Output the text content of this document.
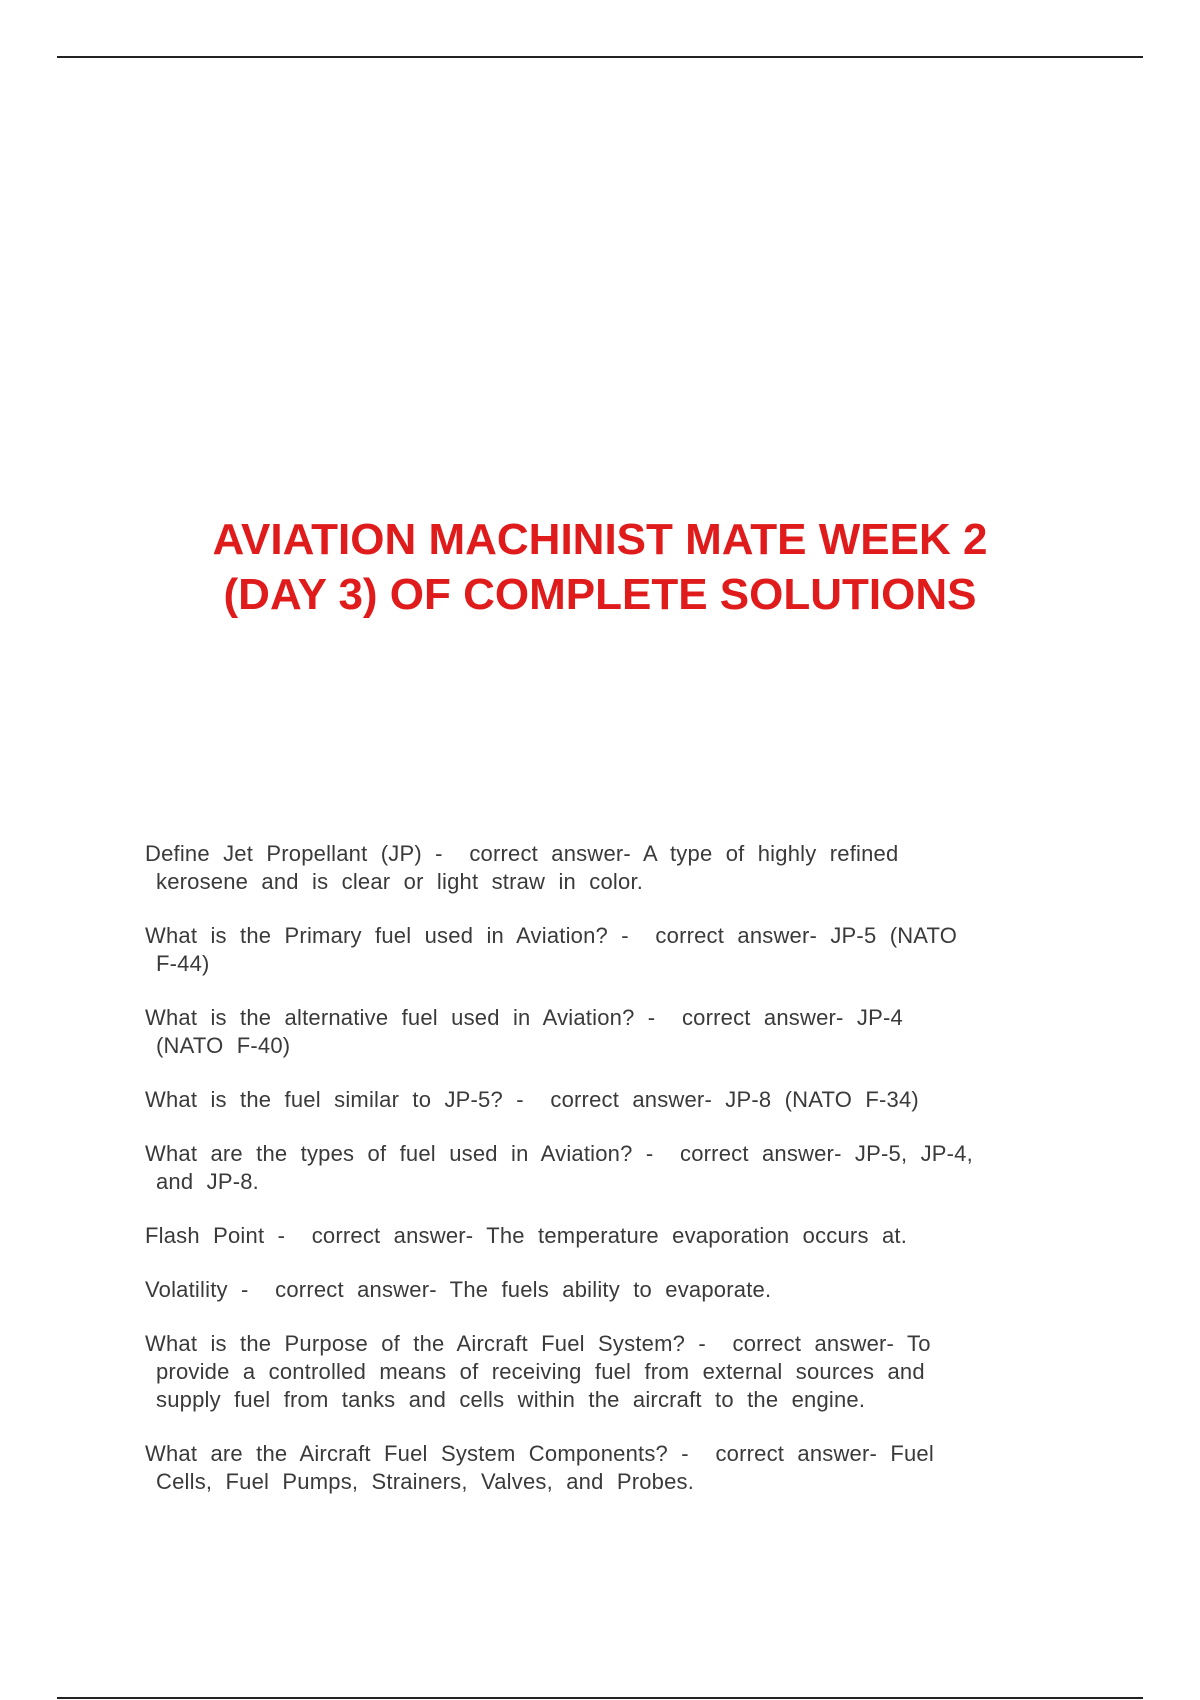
AVIATION MACHINIST MATE WEEK 2
(DAY 3) OF COMPLETE SOLUTIONS

Define Jet Propellant (JP) -  correct answer- A type of highly refined
kerosene and is clear or light straw in color.

What is the Primary fuel used in Aviation? -  correct answer- JP-5 (NATO
F-44)

What is the alternative fuel used in Aviation? -  correct answer- JP-4
(NATO F-40)

What is the fuel similar to JP-5? -  correct answer- JP-8 (NATO F-34)

What are the types of fuel used in Aviation? -  correct answer- JP-5, JP-4,
and JP-8.

Flash Point -  correct answer- The temperature evaporation occurs at.

Volatility -  correct answer- The fuels ability to evaporate.

What is the Purpose of the Aircraft Fuel System? -  correct answer- To
provide a controlled means of receiving fuel from external sources and
supply fuel from tanks and cells within the aircraft to the engine.

What are the Aircraft Fuel System Components? -  correct answer- Fuel
Cells, Fuel Pumps, Strainers, Valves, and Probes.
